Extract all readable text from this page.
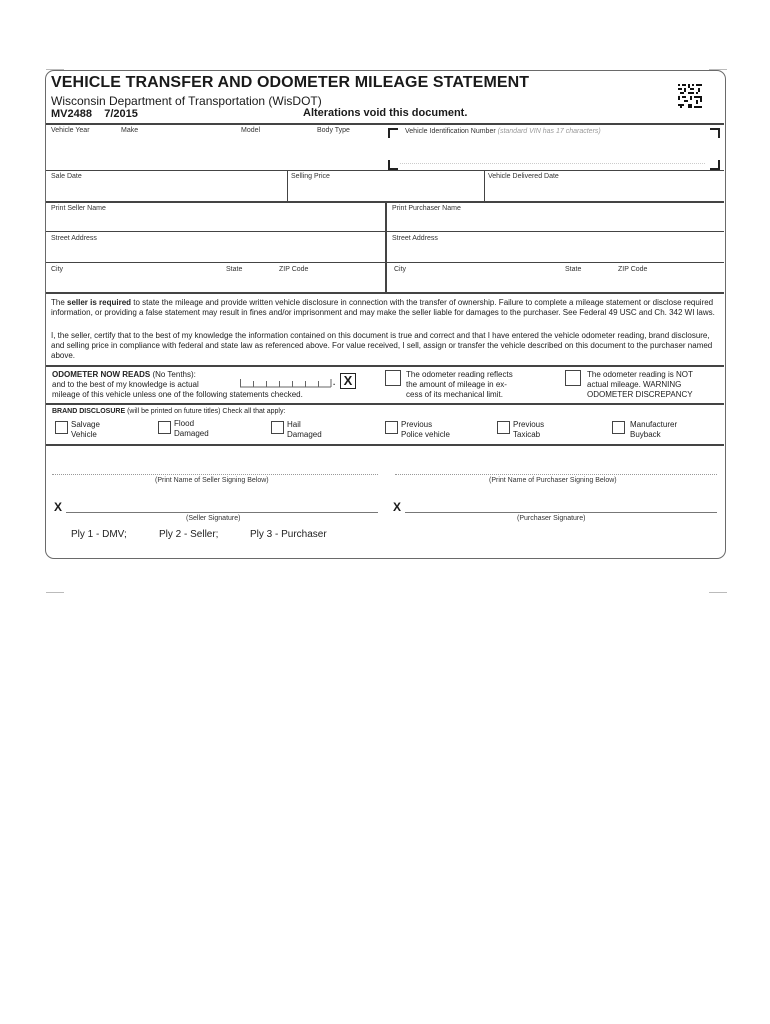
VEHICLE TRANSFER AND ODOMETER MILEAGE STATEMENT
Wisconsin Department of Transportation (WisDOT)
MV2488 7/2015	Alterations void this document.
Vehicle Year	Make	Model	Body Type	Vehicle Identification Number (standard VIN has 17 characters)
Sale Date	Selling Price	Vehicle Delivered Date
Print Seller Name
Street Address
City	State	ZIP Code
Print Purchaser Name
Street Address
City	State	ZIP Code
The seller is required to state the mileage and provide written vehicle disclosure in connection with the transfer of ownership. Failure to complete a mileage statement or disclose required information, or providing a false statement may result in fines and/or imprisonment and may make the seller liable for damages to the purchaser. See Federal 49 USC and Ch. 342 WI laws.
I, the seller, certify that to the best of my knowledge the information contained on this document is true and correct and that I have entered the vehicle odometer reading, brand disclosure, and selling price in compliance with federal and state law as referenced above. For value received, I sell, assign or transfer the vehicle described on this document to the purchaser named above.
ODOMETER NOW READS (No Tenths):
and to the best of my knowledge is actual
mileage of this vehicle unless one of the following statements checked.
. X	The odometer reading reflects
the amount of mileage in ex-
cess of its mechanical limit.
The odometer reading is NOT
actual mileage. WARNING
ODOMETER DISCREPANCY
BRAND DISCLOSURE (will be printed on future titles) Check all that apply:
Salvage
Vehicle
Flood
Damaged
Hail
Damaged
Previous
Police vehicle
Previous
Taxicab
Manufacturer
Buyback
(Print Name of Seller Signing Below)	(Print Name of Purchaser Signing Below)
X
(Seller Signature)
X
(Purchaser Signature)
Ply 1 - DMV;	Ply 2 - Seller;	Ply 3 - Purchaser
